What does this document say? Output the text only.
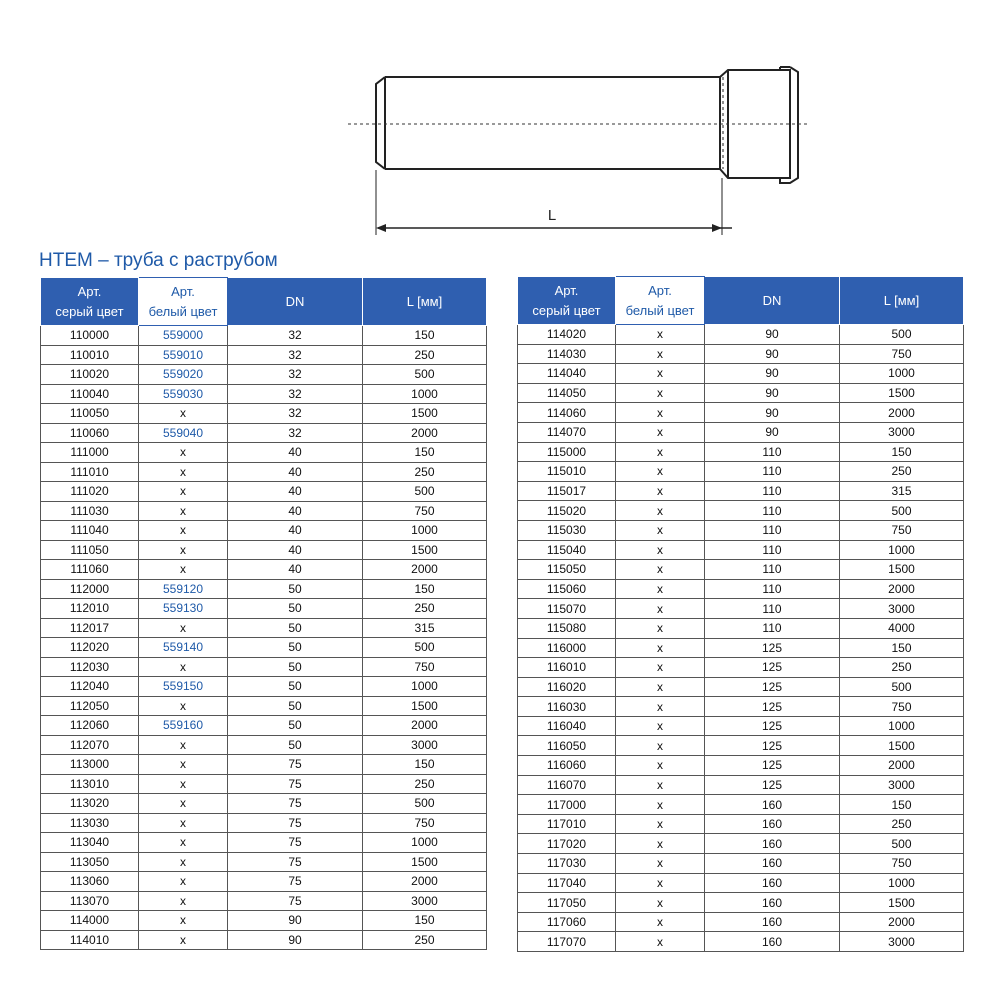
L
HTEM – труба с раструбом
Арт.
серый цвет	Арт.
белый цвет	DN	L [мм]
110000	559000	32	150
110010	559010	32	250
110020	559020	32	500
110040	559030	32	1000
110050	x	32	1500
110060	559040	32	2000
111000	x	40	150
111010	x	40	250
111020	x	40	500
111030	x	40	750
111040	x	40	1000
111050	x	40	1500
111060	x	40	2000
112000	559120	50	150
112010	559130	50	250
112017	x	50	315
112020	559140	50	500
112030	x	50	750
112040	559150	50	1000
112050	x	50	1500
112060	559160	50	2000
112070	x	50	3000
113000	x	75	150
113010	x	75	250
113020	x	75	500
113030	x	75	750
113040	x	75	1000
113050	x	75	1500
113060	x	75	2000
113070	x	75	3000
114000	x	90	150
114010	x	90	250
Арт.
серый цвет	Арт.
белый цвет	DN	L [мм]
114020	x	90	500
114030	x	90	750
114040	x	90	1000
114050	x	90	1500
114060	x	90	2000
114070	x	90	3000
115000	x	110	150
115010	x	110	250
115017	x	110	315
115020	x	110	500
115030	x	110	750
115040	x	110	1000
115050	x	110	1500
115060	x	110	2000
115070	x	110	3000
115080	x	110	4000
116000	x	125	150
116010	x	125	250
116020	x	125	500
116030	x	125	750
116040	x	125	1000
116050	x	125	1500
116060	x	125	2000
116070	x	125	3000
117000	x	160	150
117010	x	160	250
117020	x	160	500
117030	x	160	750
117040	x	160	1000
117050	x	160	1500
117060	x	160	2000
117070	x	160	3000
